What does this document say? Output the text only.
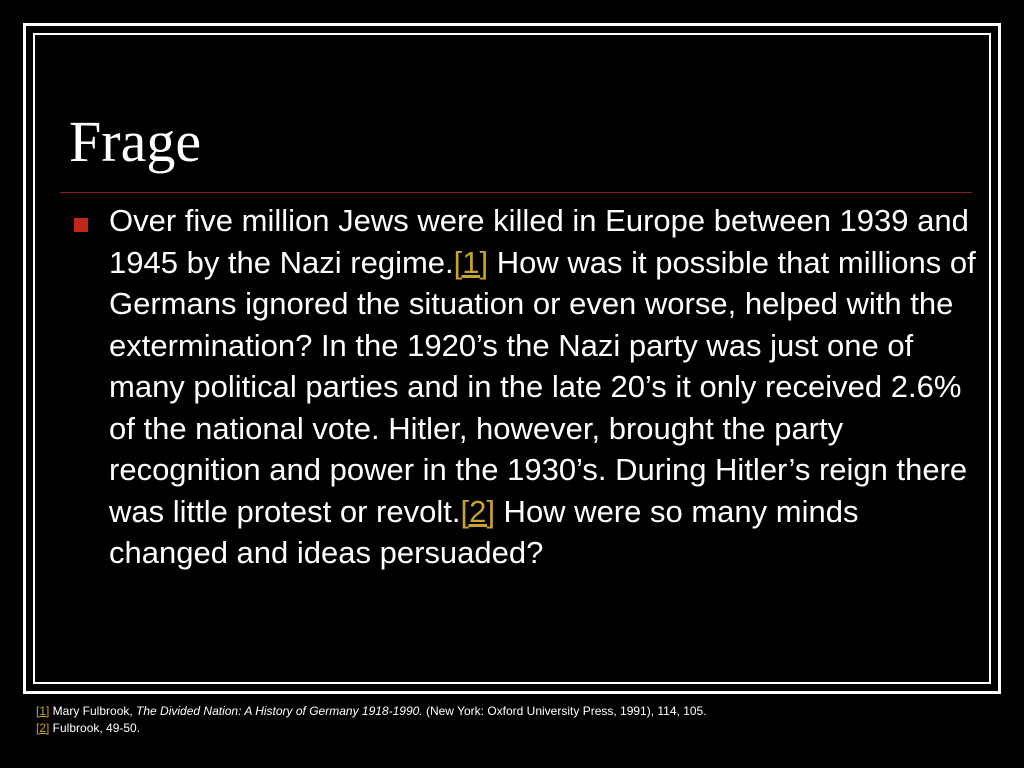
Frage

Over five million Jews were killed in Europe between 1939 and 1945 by the Nazi regime.[1] How was it possible that millions of Germans ignored the situation or even worse, helped with the extermination? In the 1920’s the Nazi party was just one of many political parties and in the late 20’s it only received 2.6% of the national vote. Hitler, however, brought the party recognition and power in the 1930’s. During Hitler’s reign there was little protest or revolt.[2] How were so many minds changed and ideas persuaded?

[1] Mary Fulbrook, The Divided Nation: A History of Germany 1918-1990. (New York: Oxford University Press, 1991), 114, 105.
[2] Fulbrook, 49-50.
